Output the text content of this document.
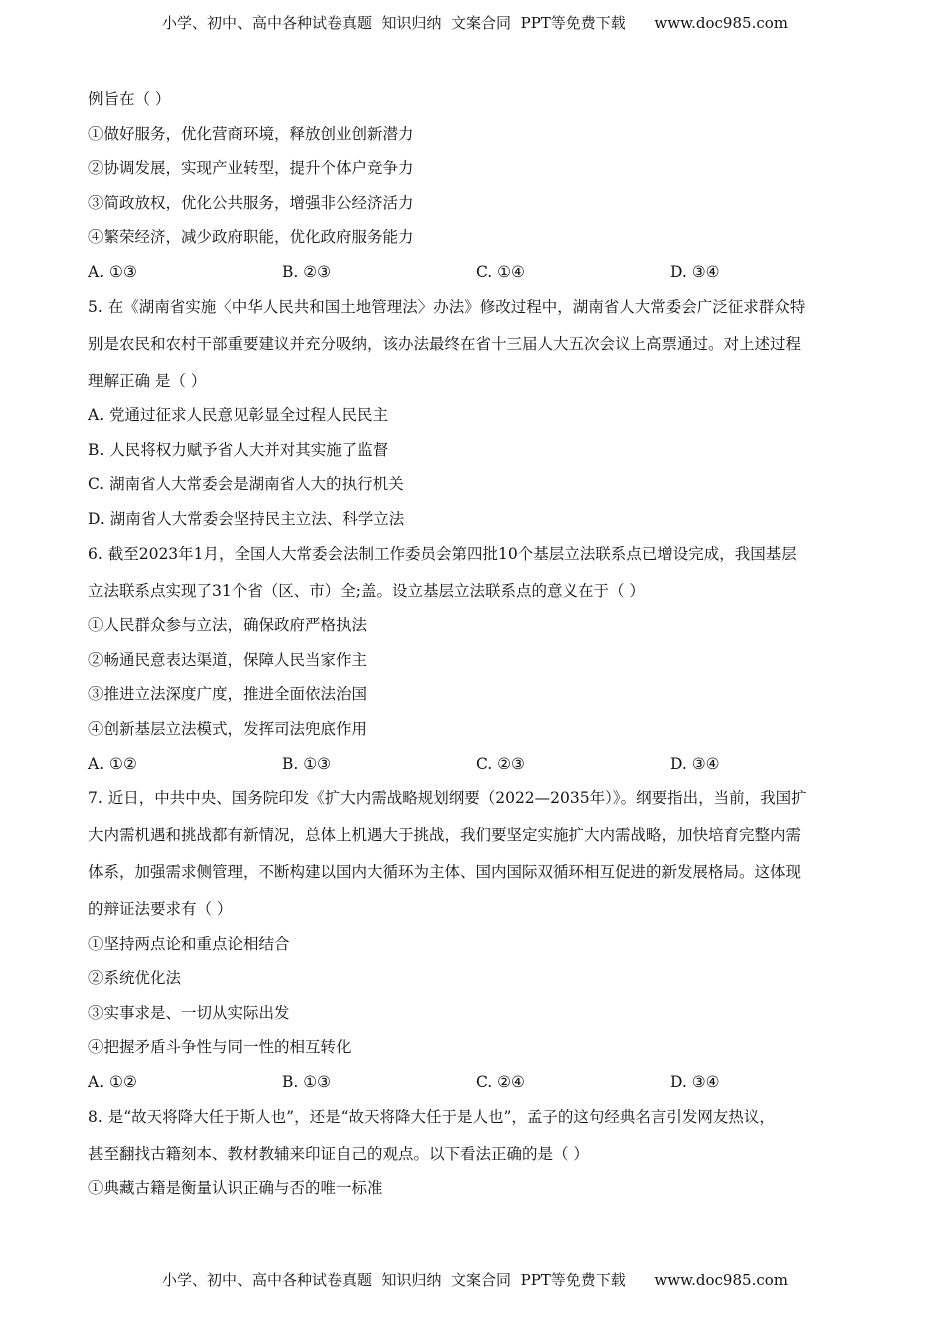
小学、初中、高中各种试卷真题  知识归纳  文案合同  PPT等免费下载      www.doc985.com
例旨在（ ）
①做好服务，优化营商环境，释放创业创新潜力
②协调发展，实现产业转型，提升个体户竞争力
③简政放权，优化公共服务，增强非公经济活力
④繁荣经济，减少政府职能，优化政府服务能力
A. ①③	B. ②③	C. ①④	D. ③④
5. 在《湖南省实施〈中华人民共和国土地管理法〉办法》修改过程中，湖南省人大常委会广泛征求群众特
别是农民和农村干部重要建议并充分吸纳，该办法最终在省十三届人大五次会议上高票通过。对上述过程
理解正确 是（ ）
A. 党通过征求人民意见彰显全过程人民民主
B. 人民将权力赋予省人大并对其实施了监督
C. 湖南省人大常委会是湖南省人大的执行机关
D. 湖南省人大常委会坚持民主立法、科学立法
6. 截至2023年1月，全国人大常委会法制工作委员会第四批10个基层立法联系点已增设完成，我国基层
立法联系点实现了31个省（区、市）全;盖。设立基层立法联系点的意义在于（ ）
①人民群众参与立法，确保政府严格执法
②畅通民意表达渠道，保障人民当家作主
③推进立法深度广度，推进全面依法治国
④创新基层立法模式，发挥司法兜底作用
A. ①②	B. ①③	C. ②③	D. ③④
7. 近日，中共中央、国务院印发《扩大内需战略规划纲要（2022—2035年）》。纲要指出，当前，我国扩
大内需机遇和挑战都有新情况，总体上机遇大于挑战，我们要坚定实施扩大内需战略，加快培育完整内需
体系，加强需求侧管理，不断构建以国内大循环为主体、国内国际双循环相互促进的新发展格局。这体现
的辩证法要求有（ ）
①坚持两点论和重点论相结合
②系统优化法
③实事求是、一切从实际出发
④把握矛盾斗争性与同一性的相互转化
A. ①②	B. ①③	C. ②④	D. ③④
8. 是“故天将降大任于斯人也”，还是“故天将降大任于是人也”，孟子的这句经典名言引发网友热议，
甚至翻找古籍刻本、教材教辅来印证自己的观点。以下看法正确的是（ ）
①典藏古籍是衡量认识正确与否的唯一标准
小学、初中、高中各种试卷真题  知识归纳  文案合同  PPT等免费下载      www.doc985.com
